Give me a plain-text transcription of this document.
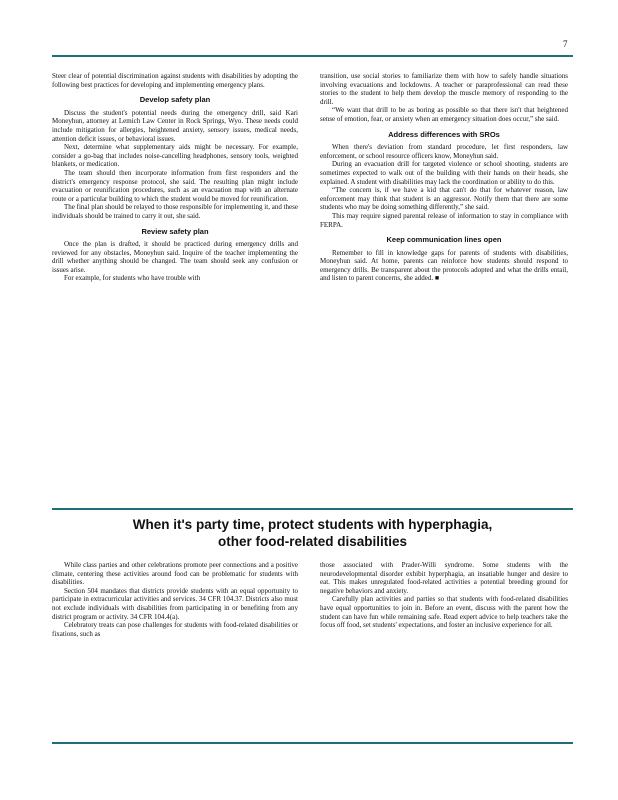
7

Steer clear of potential discrimination against students with disabilities by adopting the following best practices for developing and implementing emergency plans.

Develop safety plan

Discuss the student's potential needs during the emergency drill, said Kari Moneyhun, attorney at Lemich Law Center in Rock Springs, Wyo. These needs could include mitigation for allergies, heightened anxiety, sensory issues, medical needs, attention deficit issues, or behavioral issues.

Next, determine what supplementary aids might be necessary. For example, consider a go-bag that includes noise-cancelling headphones, sensory tools, weighted blankets, or medication.

The team should then incorporate information from first responders and the district's emergency response protocol, she said. The resulting plan might include evacuation or reunification procedures, such as an evacuation map with an alternate route or a particular building to which the student would be moved for reunification.

The final plan should be relayed to those responsible for implementing it, and these individuals should be trained to carry it out, she said.

Review safety plan

Once the plan is drafted, it should be practiced during emergency drills and reviewed for any obstacles, Moneyhun said. Inquire of the teacher implementing the drill whether anything should be changed. The team should seek any confusion or issues arise.

For example, for students who have trouble with

transition, use social stories to familiarize them with how to safely handle situations involving evacuations and lockdowns. A teacher or paraprofessional can read these stories to the student to help them develop the muscle memory of responding to the drill.

“We want that drill to be as boring as possible so that there isn't that heightened sense of emotion, fear, or anxiety when an emergency situation does occur,” she said.

Address differences with SROs

When there's deviation from standard procedure, let first responders, law enforcement, or school resource officers know, Moneyhun said.

During an evacuation drill for targeted violence or school shooting, students are sometimes expected to walk out of the building with their hands on their heads, she explained. A student with disabilities may lack the coordination or ability to do this.

“The concern is, if we have a kid that can't do that for whatever reason, law enforcement may think that student is an aggressor. Notify them that there are some students who may be doing something differently,” she said.

This may require signed parental release of information to stay in compliance with FERPA.

Keep communication lines open

Remember to fill in knowledge gaps for parents of students with disabilities, Moneyhun said. At home, parents can reinforce how students should respond to emergency drills. Be transparent about the protocols adopted and what the drills entail, and listen to parent concerns, she added. ■

When it's party time, protect students with hyperphagia,
other food-related disabilities

While class parties and other celebrations promote peer connections and a positive climate, centering these activities around food can be problematic for students with disabilities.

Section 504 mandates that districts provide students with an equal opportunity to participate in extracurricular activities and services. 34 CFR 104.37. Districts also must not exclude individuals with disabilities from participating in or benefiting from any district program or activity. 34 CFR 104.4(a).

Celebratory treats can pose challenges for students with food-related disabilities or fixations, such as

those associated with Prader-Willi syndrome. Some students with the neurodevelopmental disorder exhibit hyperphagia, an insatiable hunger and desire to eat. This makes unregulated food-related activities a potential breeding ground for negative behaviors and anxiety.

Carefully plan activities and parties so that students with food-related disabilities have equal opportunities to join in. Before an event, discuss with the parent how the student can have fun while remaining safe. Read expert advice to help teachers take the focus off food, set students' expectations, and foster an inclusive experience for all.
